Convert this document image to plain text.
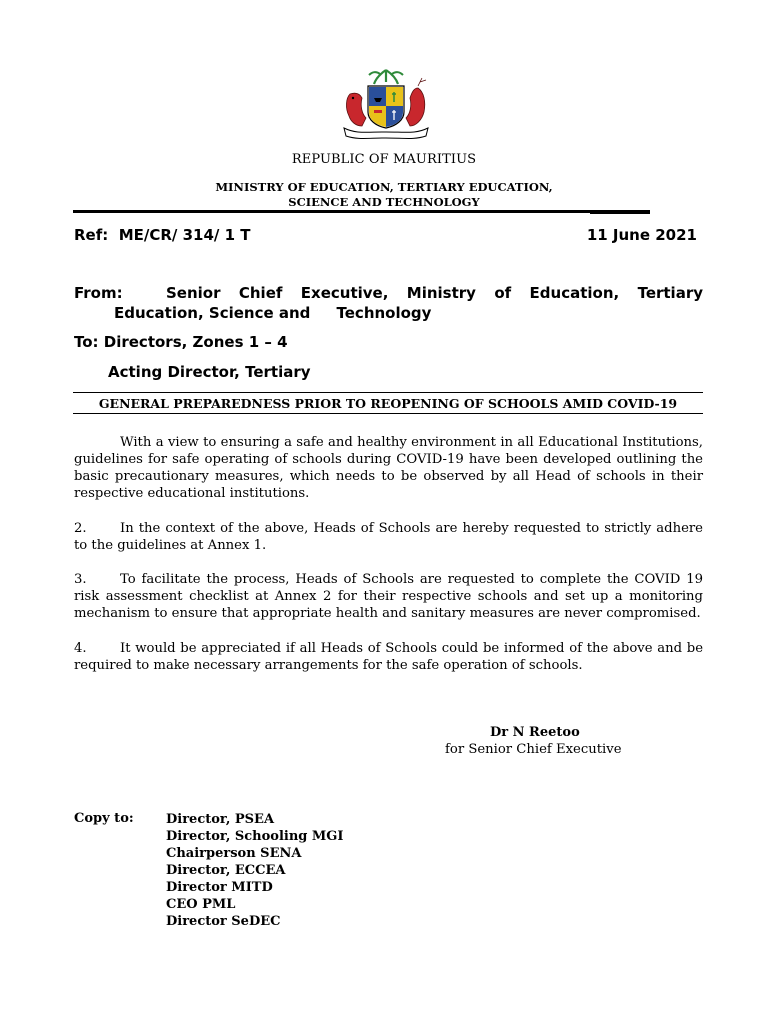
REPUBLIC OF MAURITIUS
MINISTRY OF EDUCATION, TERTIARY EDUCATION,
SCIENCE AND TECHNOLOGY
Ref:  ME/CR/ 314/ 1 T	11 June 2021
From:	Senior Chief Executive, Ministry of Education, Tertiary
Education, Science and     Technology
To: Directors, Zones 1 – 4
Acting Director, Tertiary
GENERAL PREPAREDNESS PRIOR TO REOPENING OF SCHOOLS AMID COVID-19
With a view to ensuring a safe and healthy environment in all Educational Institutions, guidelines for safe operating of schools during COVID-19 have been developed outlining the basic precautionary measures, which needs to be observed by all Head of schools in their respective educational institutions.
2.	In the context of the above, Heads of Schools are hereby requested to strictly adhere to the guidelines at Annex 1.
3.	To facilitate the process, Heads of Schools are requested to complete the COVID 19 risk assessment checklist at Annex 2 for their respective schools and set up a monitoring mechanism to ensure that appropriate health and sanitary measures are never compromised.
4.	It would be appreciated if all Heads of Schools could be informed of the above and be required to make necessary arrangements for the safe operation of schools.
Dr N Reetoo
for Senior Chief Executive
Copy to: Director, PSEA
Director, Schooling MGI
Chairperson SENA
Director, ECCEA
Director MITD
CEO PML
Director SeDEC
